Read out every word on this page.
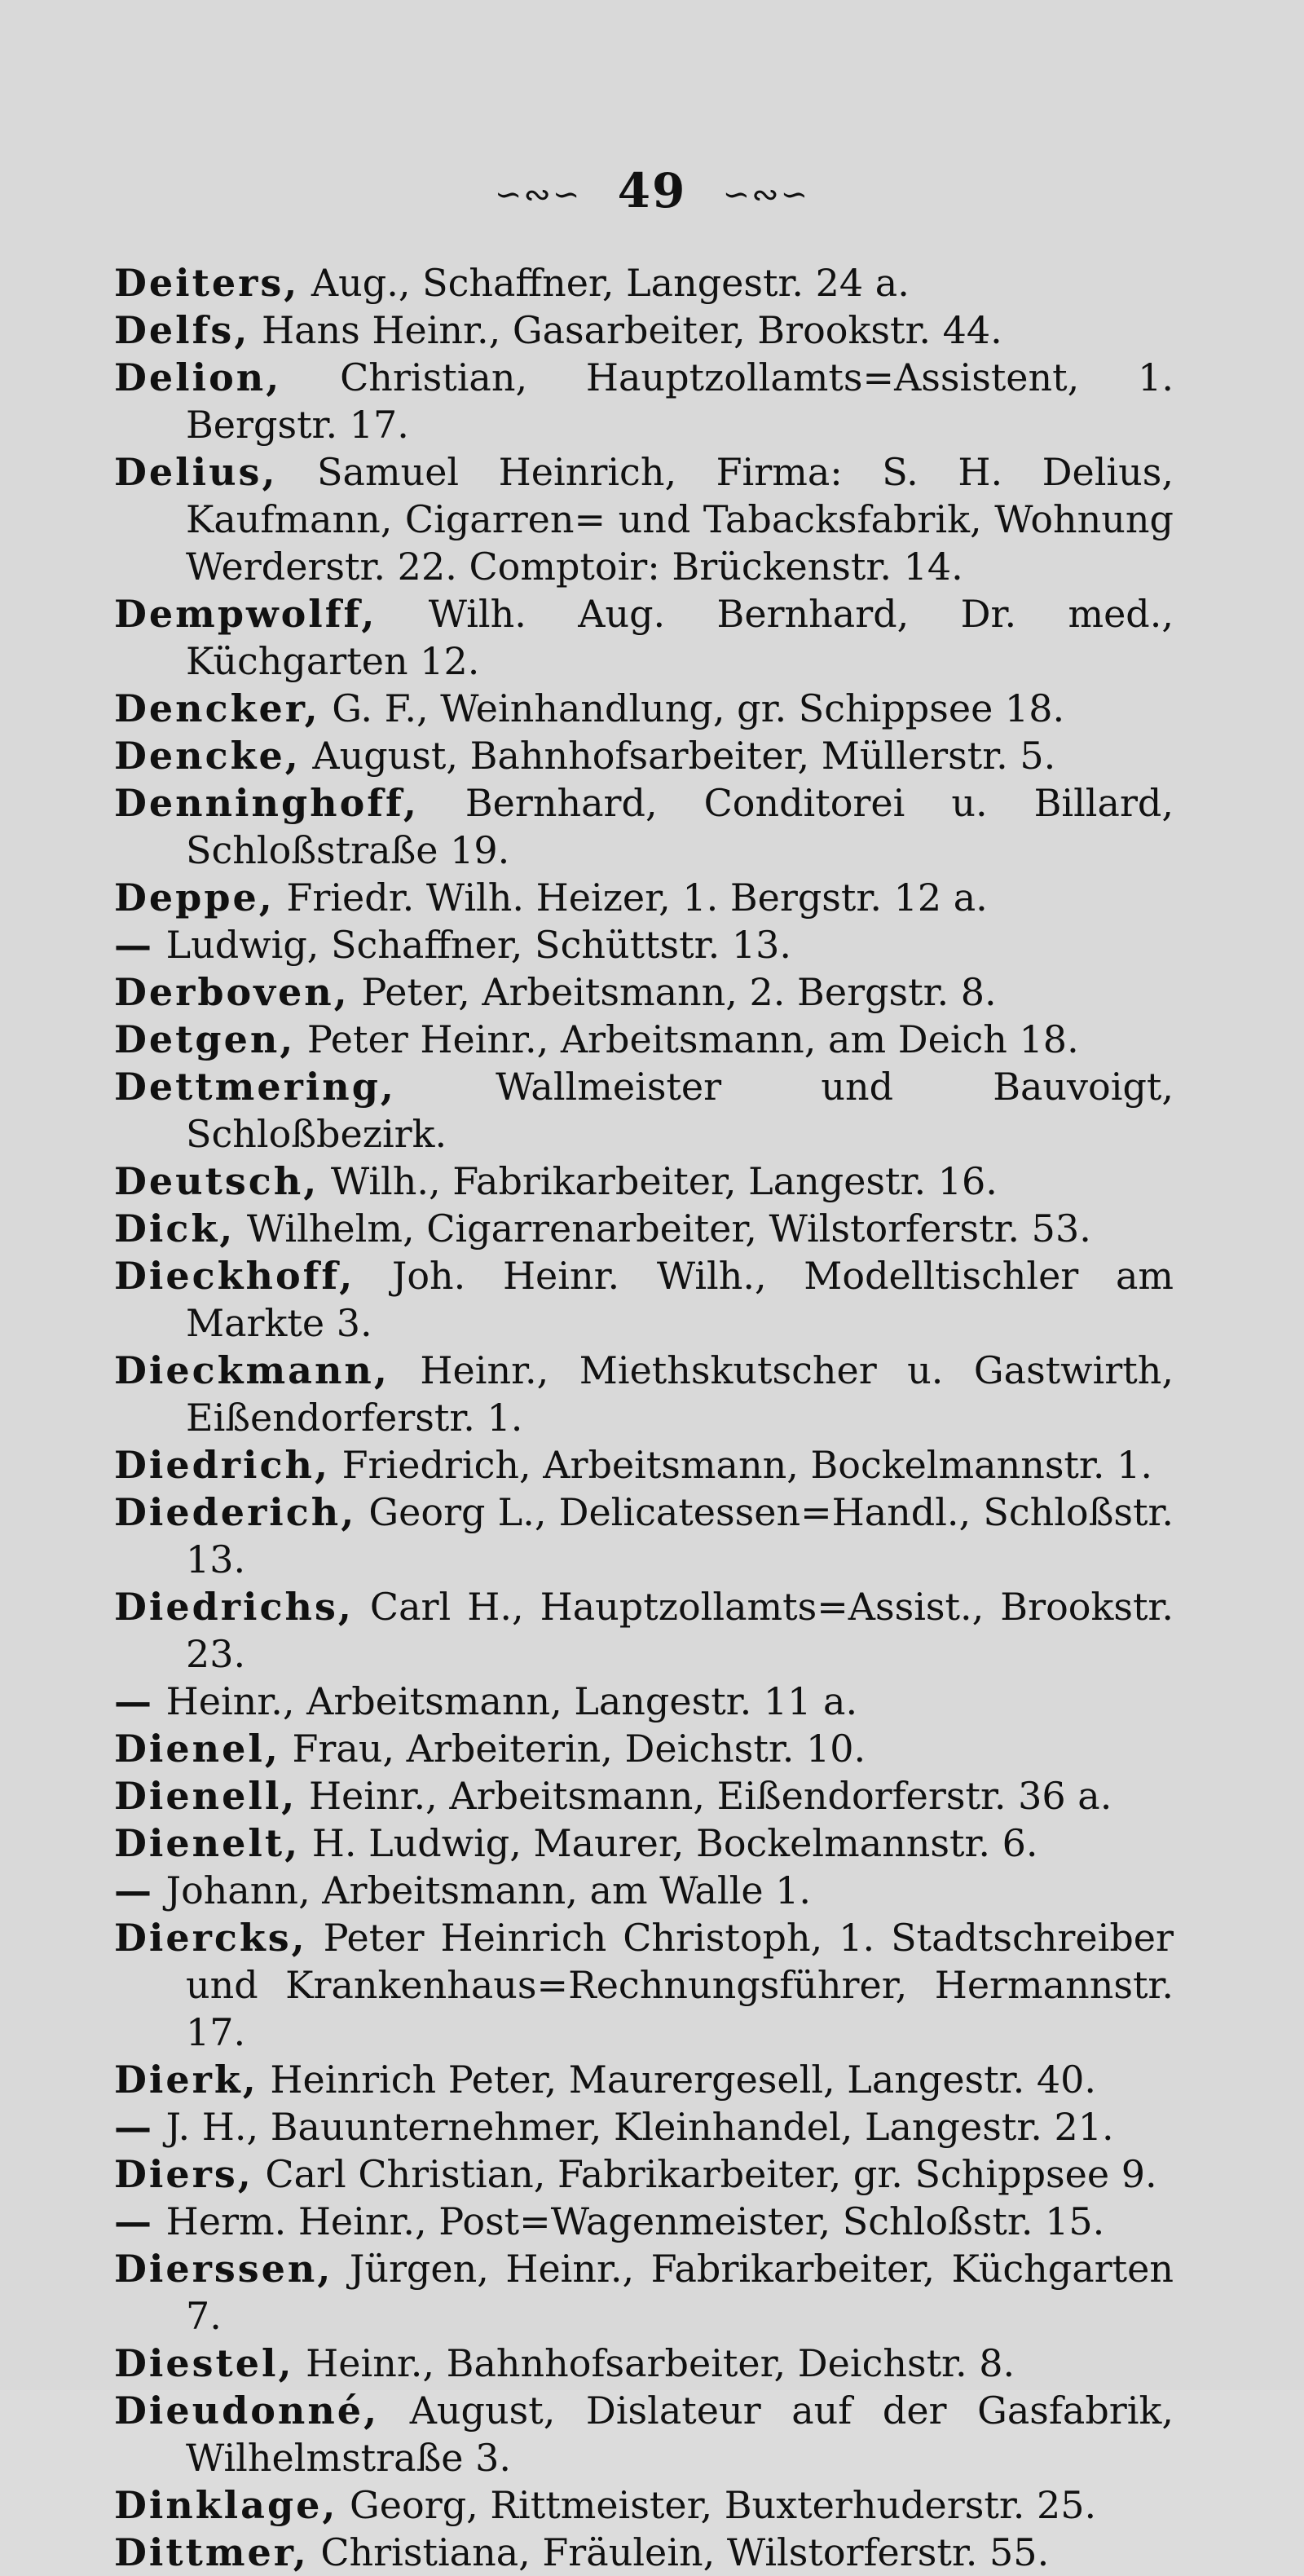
∽∾∽ 49 ∽∾∽
Deiters, Aug., Schaffner, Langestr. 24 a.
Delfs, Hans Heinr., Gasarbeiter, Brookstr. 44.
Delion, Christian, Hauptzollamts=Assistent, 1. Bergstr. 17.
Delius, Samuel Heinrich, Firma: S. H. Delius, Kaufmann, Cigarren= und Tabacksfabrik, Wohnung Werderstr. 22. Comptoir: Brückenstr. 14.
Dempwolff, Wilh. Aug. Bernhard, Dr. med., Küchgarten 12.
Dencker, G. F., Weinhandlung, gr. Schippsee 18.
Dencke, August, Bahnhofsarbeiter, Müllerstr. 5.
Denninghoff, Bernhard, Conditorei u. Billard, Schloßstraße 19.
Deppe, Friedr. Wilh. Heizer, 1. Bergstr. 12 a.
— Ludwig, Schaffner, Schüttstr. 13.
Derboven, Peter, Arbeitsmann, 2. Bergstr. 8.
Detgen, Peter Heinr., Arbeitsmann, am Deich 18.
Dettmering,	Wallmeister und Bauvoigt, Schloßbezirk.
Deutsch, Wilh., Fabrikarbeiter, Langestr. 16.
Dick, Wilhelm, Cigarrenarbeiter, Wilstorferstr. 53.
Dieckhoff, Joh. Heinr. Wilh., Modelltischler am Markte 3.
Dieckmann, Heinr., Miethskutscher u. Gastwirth, Eißendorferstr. 1.
Diedrich, Friedrich, Arbeitsmann, Bockelmannstr. 1.
Diederich, Georg L., Delicatessen=Handl., Schloßstr. 13.
Diedrichs, Carl H., Hauptzollamts=Assist., Brookstr. 23.
— Heinr., Arbeitsmann, Langestr. 11 a.
Dienel, Frau, Arbeiterin, Deichstr. 10.
Dienell, Heinr., Arbeitsmann, Eißendorferstr. 36 a.
Dienelt, H. Ludwig, Maurer, Bockelmannstr. 6.
— Johann, Arbeitsmann, am Walle 1.
Diercks, Peter Heinrich Christoph, 1. Stadtschreiber und Krankenhaus=Rechnungsführer, Hermannstr. 17.
Dierk, Heinrich Peter, Maurergesell, Langestr. 40.
— J. H., Bauunternehmer, Kleinhandel, Langestr. 21.
Diers, Carl Christian, Fabrikarbeiter, gr. Schippsee 9.
— Herm. Heinr., Post=Wagenmeister, Schloßstr. 15.
Dierssen, Jürgen, Heinr., Fabrikarbeiter, Küchgarten 7.
Diestel, Heinr., Bahnhofsarbeiter, Deichstr. 8.
Dieudonné, August, Dislateur auf der Gasfabrik, Wilhelmstraße 3.
Dinklage, Georg, Rittmeister, Buxterhuderstr. 25.
Dittmer, Christiana, Fräulein, Wilstorferstr. 55.
